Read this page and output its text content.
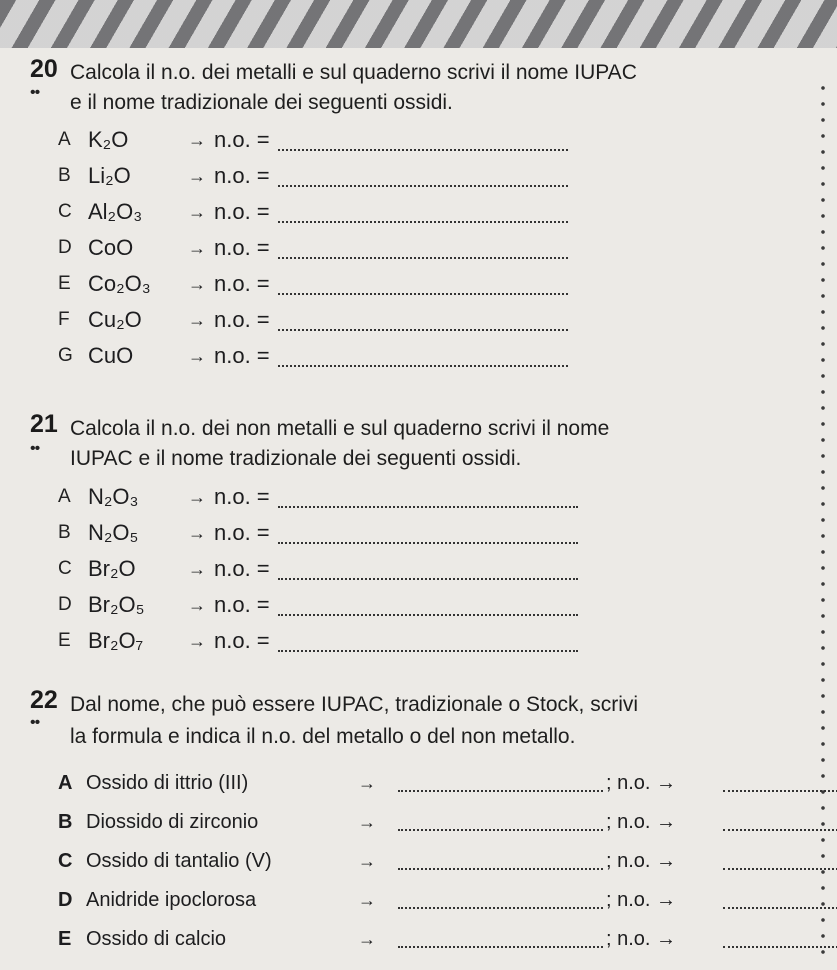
20
••
Calcola il n.o. dei metalli e sul quaderno scrivi il nome IUPAC
e il nome tradizionale dei seguenti ossidi.
A K₂O	→ n.o. =
B Li₂O	→ n.o. =
C Al₂O₃	→ n.o. =
D CoO	→ n.o. =
E Co₂O₃	→ n.o. =
F Cu₂O	→ n.o. =
G CuO	→ n.o. =
21
••
Calcola il n.o. dei non metalli e sul quaderno scrivi il nome
IUPAC e il nome tradizionale dei seguenti ossidi.
A N₂O₃	→ n.o. =
B N₂O₅	→ n.o. =
C Br₂O	→ n.o. =
D Br₂O₅	→ n.o. =
E Br₂O₇	→ n.o. =
22
••
Dal nome, che può essere IUPAC, tradizionale o Stock, scrivi
la formula e indica il n.o. del metallo o del non metallo.
A Ossido di ittrio (III)	→	; n.o. →
B Diossido di zirconio	→	; n.o. →
C Ossido di tantalio (V)	→	; n.o. →
D Anidride ipoclorosa	→	; n.o. →
E Ossido di calcio	→	; n.o. →
